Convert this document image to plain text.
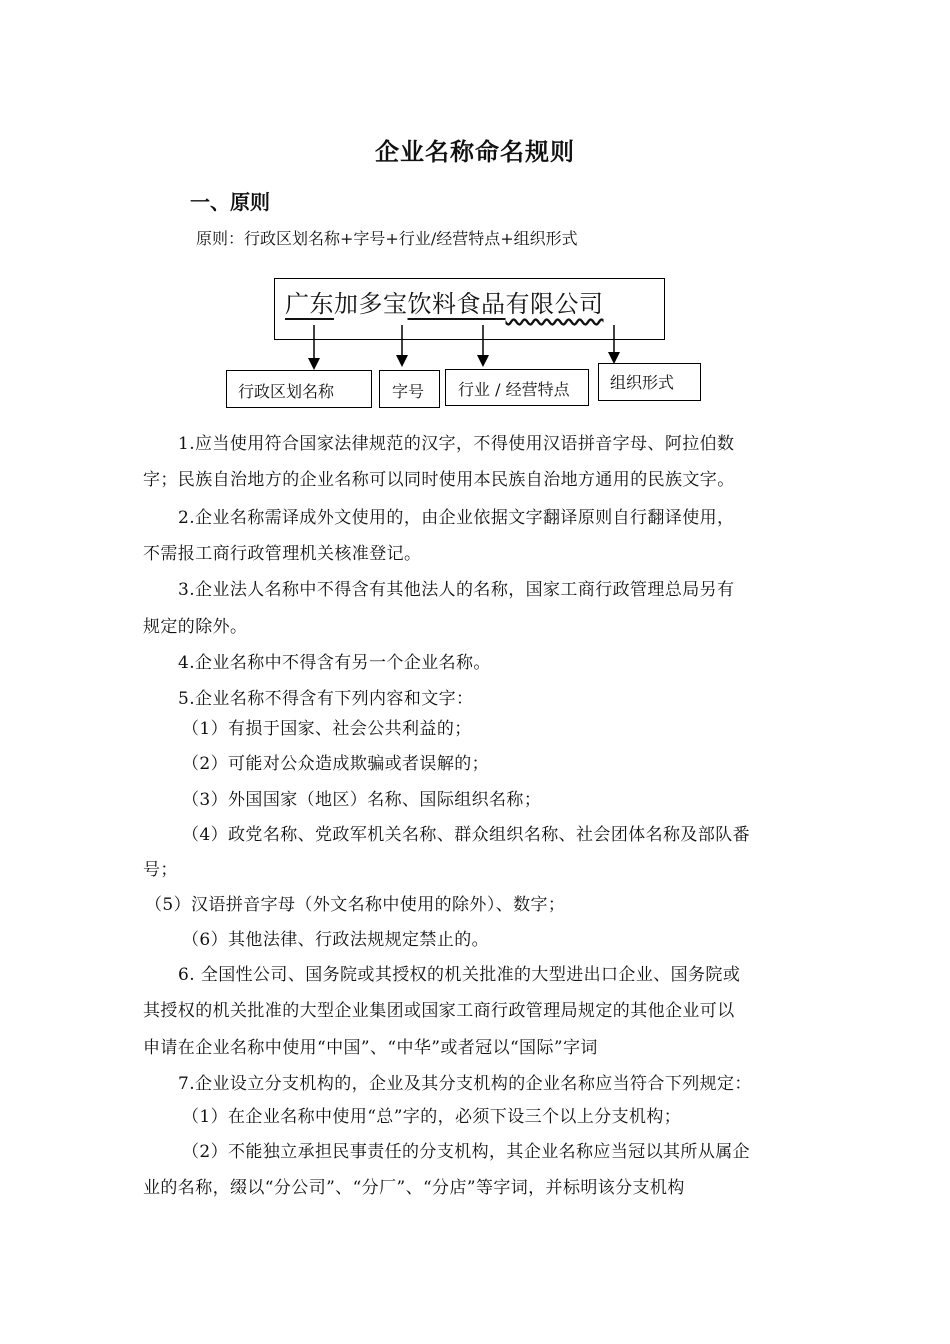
企业名称命名规则
一、原则
原则：行政区划名称+字号+行业/经营特点+组织形式
广东加多宝饮料食品有限公司
行政区划名称	字号 行业 / 经营特点	组织形式
1.应当使用符合国家法律规范的汉字，不得使用汉语拼音字母、阿拉伯数
字；民族自治地方的企业名称可以同时使用本民族自治地方通用的民族文字。
2.企业名称需译成外文使用的，由企业依据文字翻译原则自行翻译使用，
不需报工商行政管理机关核准登记。
3.企业法人名称中不得含有其他法人的名称，国家工商行政管理总局另有
规定的除外。
4.企业名称中不得含有另一个企业名称。
5.企业名称不得含有下列内容和文字：
（1）有损于国家、社会公共利益的；
（2）可能对公众造成欺骗或者误解的；
（3）外国国家（地区）名称、国际组织名称；
（4）政党名称、党政军机关名称、群众组织名称、社会团体名称及部队番
号；
（5）汉语拼音字母（外文名称中使用的除外）、数字；
（6）其他法律、行政法规规定禁止的。
6. 全国性公司、国务院或其授权的机关批准的大型进出口企业、国务院或
其授权的机关批准的大型企业集团或国家工商行政管理局规定的其他企业可以
申请在企业名称中使用“中国”、“中华”或者冠以“国际”字词
7.企业设立分支机构的，企业及其分支机构的企业名称应当符合下列规定：
（1）在企业名称中使用“总”字的，必须下设三个以上分支机构；
（2）不能独立承担民事责任的分支机构，其企业名称应当冠以其所从属企
业的名称，缀以“分公司”、“分厂”、“分店”等字词，并标明该分支机构
